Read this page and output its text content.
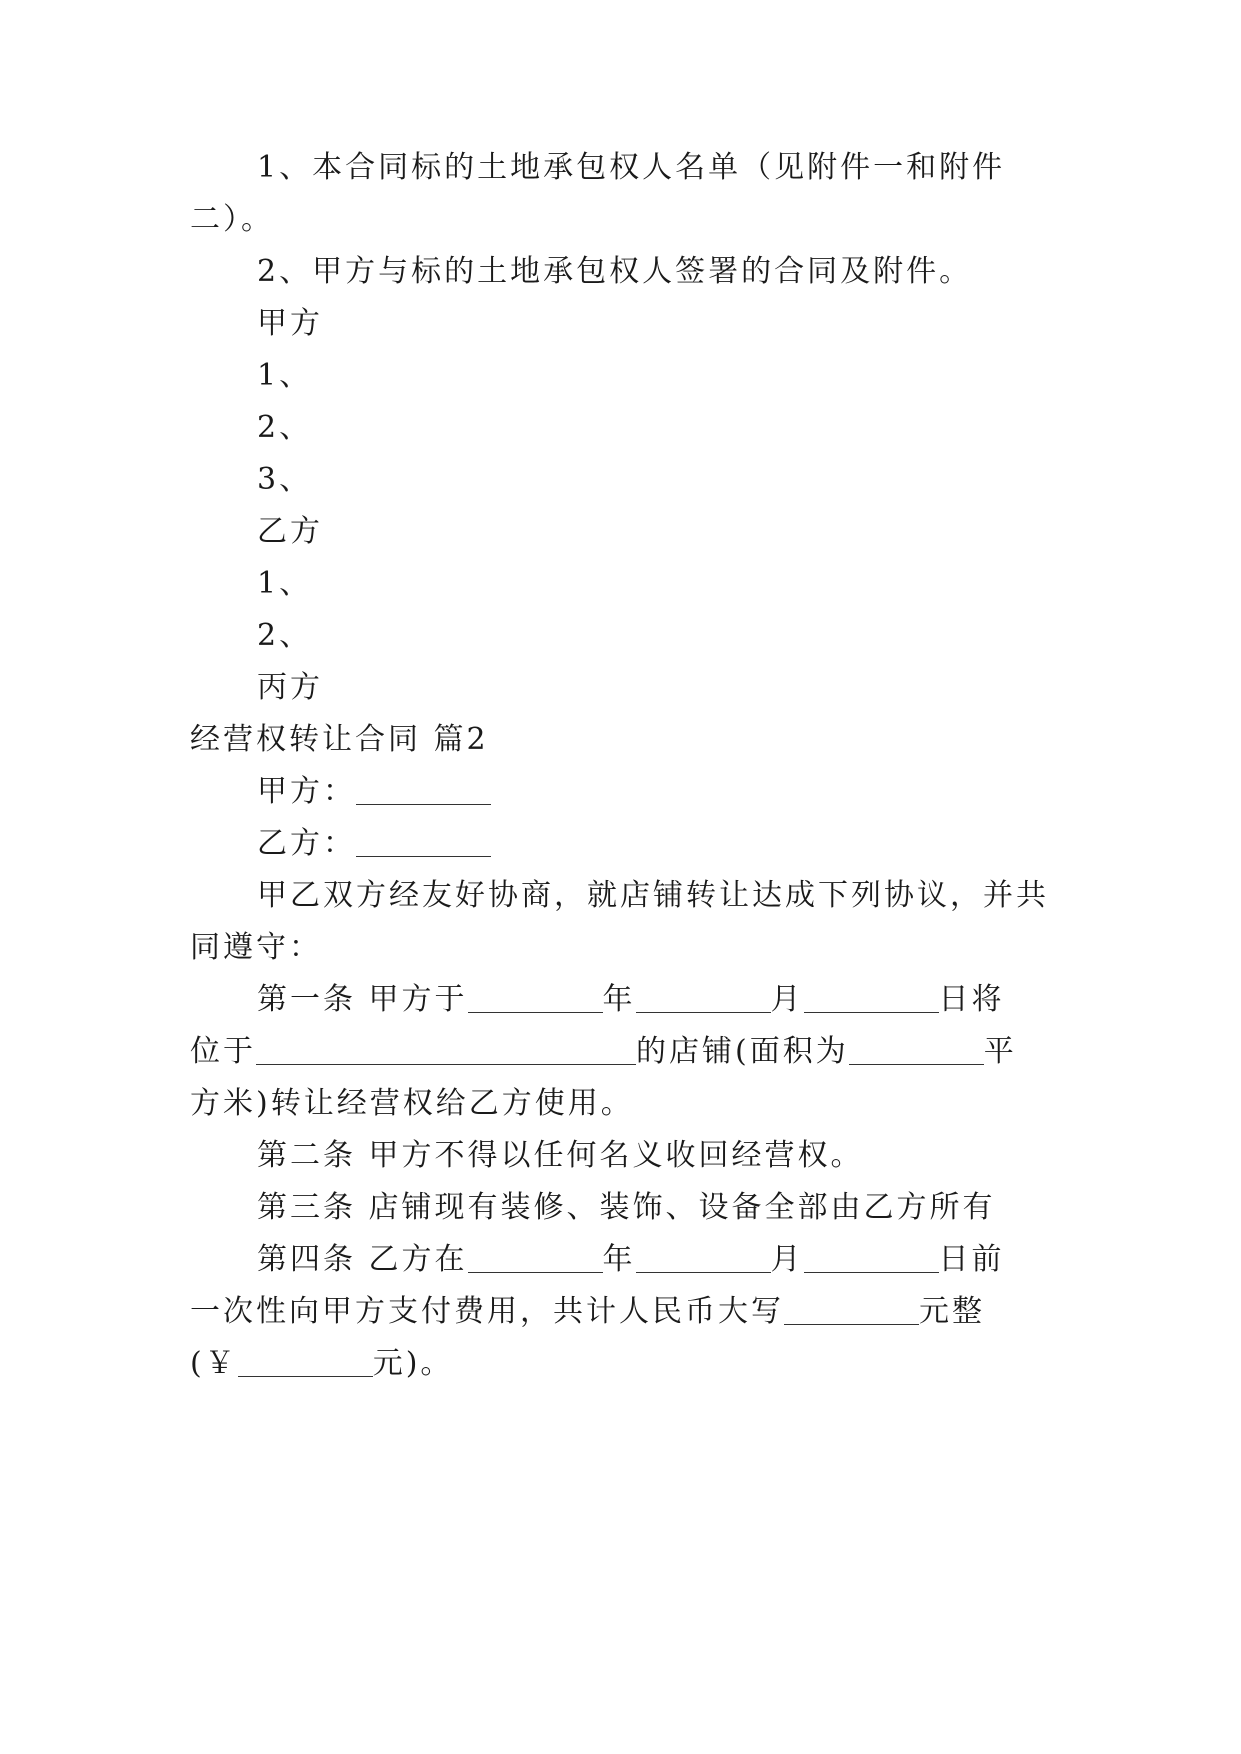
1、本合同标的土地承包权人名单（见附件一和附件
二）。
2、甲方与标的土地承包权人签署的合同及附件。
甲方
1、
2、
3、
乙方
1、
2、
丙方
经营权转让合同 篇2
甲方：
乙方：
甲乙双方经友好协商，就店铺转让达成下列协议，并共
同遵守：
第一条 甲方于	年	月	日将
位于	的店铺(面积为	平
方米)转让经营权给乙方使用。
第二条 甲方不得以任何名义收回经营权。
第三条 店铺现有装修、装饰、设备全部由乙方所有
第四条 乙方在	年	月	日前
一次性向甲方支付费用，共计人民币大写	元整
(￥	元)。
